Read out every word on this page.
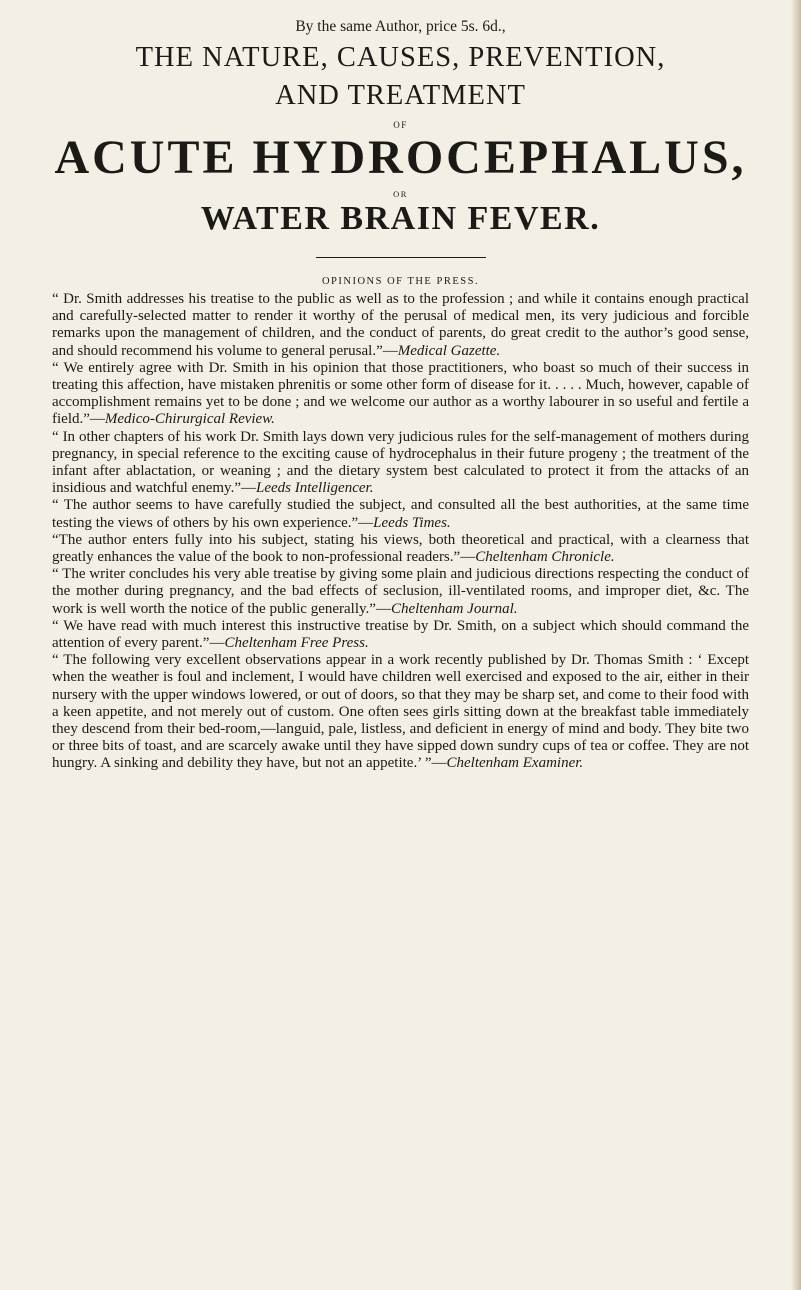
By the same Author, price 5s. 6d.,

THE NATURE, CAUSES, PREVENTION,
AND TREATMENT

OF

ACUTE HYDROCEPHALUS,

OR

WATER BRAIN FEVER.

OPINIONS OF THE PRESS.

“ Dr. Smith addresses his treatise to the public as well as to the profession ; and while it contains enough practical and carefully-selected matter to render it worthy of the perusal of medical men, its very judicious and forcible remarks upon the management of children, and the conduct of parents, do great credit to the author’s good sense, and should recommend his volume to general perusal.”—Medical Gazette.

“ We entirely agree with Dr. Smith in his opinion that those practitioners, who boast so much of their success in treating this affection, have mistaken phrenitis or some other form of disease for it. . . . . Much, however, capable of accomplishment remains yet to be done ; and we welcome our author as a worthy labourer in so useful and fertile a field.”—Medico-Chirurgical Review.

“ In other chapters of his work Dr. Smith lays down very judicious rules for the self-management of mothers during pregnancy, in special reference to the exciting cause of hydrocephalus in their future progeny ; the treatment of the infant after ablactation, or weaning ; and the dietary system best calculated to protect it from the attacks of an insidious and watchful enemy.”—Leeds Intelligencer.

“ The author seems to have carefully studied the subject, and consulted all the best authorities, at the same time testing the views of others by his own experience.”—Leeds Times.

“The author enters fully into his subject, stating his views, both theoretical and practical, with a clearness that greatly enhances the value of the book to non-professional readers.”—Cheltenham Chronicle.

“ The writer concludes his very able treatise by giving some plain and judicious directions respecting the conduct of the mother during pregnancy, and the bad effects of seclusion, ill-ventilated rooms, and improper diet, &c. The work is well worth the notice of the public generally.”—Cheltenham Journal.

“ We have read with much interest this instructive treatise by Dr. Smith, on a subject which should command the attention of every parent.”—Cheltenham Free Press.

“ The following very excellent observations appear in a work recently published by Dr. Thomas Smith : ‘ Except when the weather is foul and inclement, I would have children well exercised and exposed to the air, either in their nursery with the upper windows lowered, or out of doors, so that they may be sharp set, and come to their food with a keen appetite, and not merely out of custom. One often sees girls sitting down at the breakfast table immediately they descend from their bed-room,—languid, pale, listless, and deficient in energy of mind and body. They bite two or three bits of toast, and are scarcely awake until they have sipped down sundry cups of tea or coffee. They are not hungry. A sinking and debility they have, but not an appetite.’ ”—Cheltenham Examiner.
